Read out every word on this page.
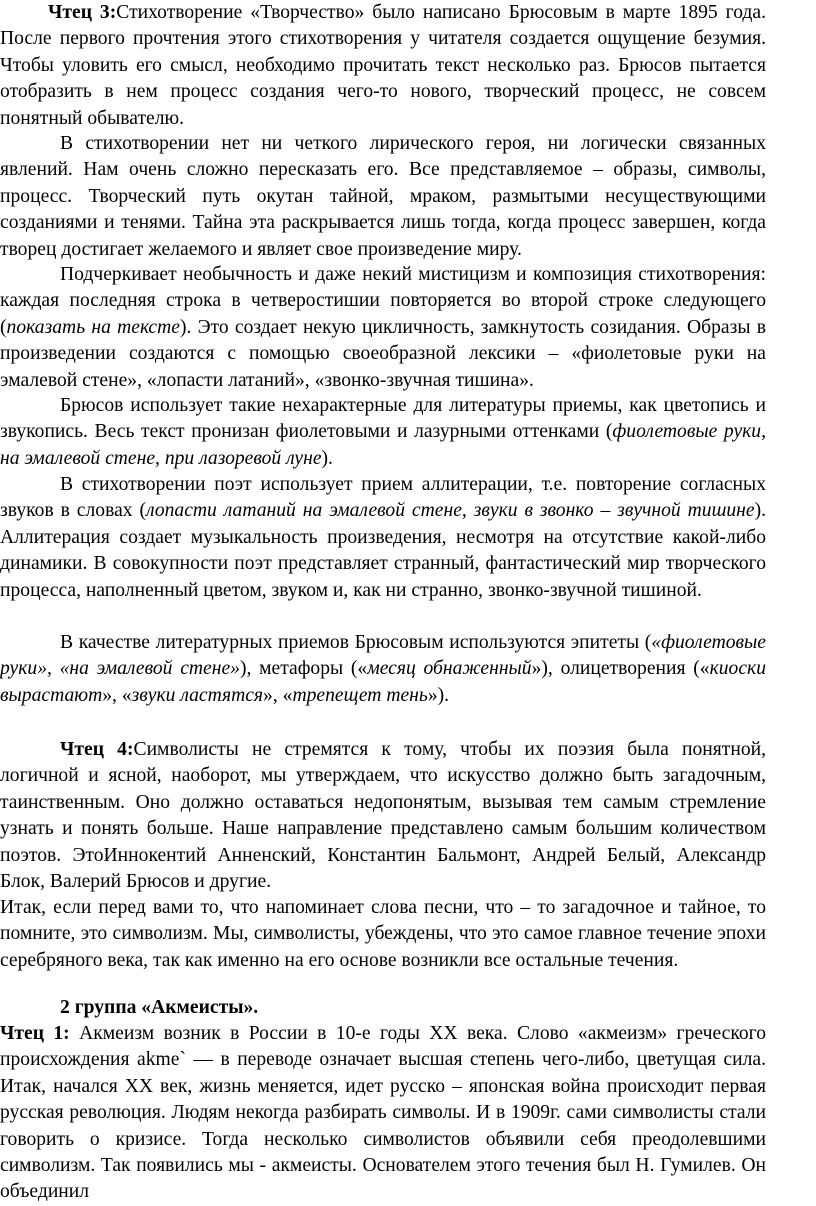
Чтец 3:Стихотворение «Творчество» было написано Брюсовым в марте 1895 года. После первого прочтения этого стихотворения у читателя создается ощущение безумия. Чтобы уловить его смысл, необходимо прочитать текст несколько раз. Брюсов пытается отобразить в нем процесс создания чего-то нового, творческий процесс, не совсем понятный обывателю.

В стихотворении нет ни четкого лирического героя, ни логически связанных явлений. Нам очень сложно пересказать его. Все представляемое – образы, символы, процесс. Творческий путь окутан тайной, мраком, размытыми несуществующими созданиями и тенями. Тайна эта раскрывается лишь тогда, когда процесс завершен, когда творец достигает желаемого и являет свое произведение миру.

Подчеркивает необычность и даже некий мистицизм и композиция стихотворения: каждая последняя строка в четверостишии повторяется во второй строке следующего (показать на тексте). Это создает некую цикличность, замкнутость созидания. Образы в произведении создаются с помощью своеобразной лексики – «фиолетовые руки на эмалевой стене», «лопасти латаний», «звонко-звучная тишина».

Брюсов использует такие нехарактерные для литературы приемы, как цветопись и звукопись. Весь текст пронизан фиолетовыми и лазурными оттенками (фиолетовые руки, на эмалевой стене, при лазоревой луне).

В стихотворении поэт использует прием аллитерации, т.е. повторение согласных звуков в словах (лопасти латаний на эмалевой стене, звуки в звонко – звучной тишине). Аллитерация создает музыкальность произведения, несмотря на отсутствие какой-либо динамики. В совокупности поэт представляет странный, фантастический мир творческого процесса, наполненный цветом, звуком и, как ни странно, звонко-звучной тишиной.

В качестве литературных приемов Брюсовым используются эпитеты («фиолетовые руки», «на эмалевой стене»), метафоры («месяц обнаженный»), олицетворения («киоски вырастают», «звуки ластятся», «трепещет тень»).

Чтец 4:Символисты не стремятся к тому, чтобы их поэзия была понятной, логичной и ясной, наоборот, мы утверждаем, что искусство должно быть загадочным, таинственным. Оно должно оставаться недопонятым, вызывая тем самым стремление узнать и понять больше. Наше направление представлено самым большим количеством поэтов. ЭтоИннокентий Анненский, Константин Бальмонт, Андрей Белый, Александр Блок, Валерий Брюсов и другие.

Итак, если перед вами то, что напоминает слова песни, что – то загадочное и тайное, то помните, это символизм. Мы, символисты, убеждены, что это самое главное течение эпохи серебряного века, так как именно на его основе возникли все остальные течения.

2 группа «Акмеисты».

Чтец 1: Акмеизм возник в России в 10-е годы XX века. Слово «акмеизм» греческого происхождения akme` — в переводе означает высшая степень чего-либо, цветущая сила. Итак, начался XX век, жизнь меняется, идет русско – японская война происходит первая русская революция. Людям некогда разбирать символы. И в 1909г. сами символисты стали говорить о кризисе. Тогда несколько символистов объявили себя преодолевшими символизм. Так появились мы - акмеисты. Основателем этого течения был Н. Гумилев. Он объединил
